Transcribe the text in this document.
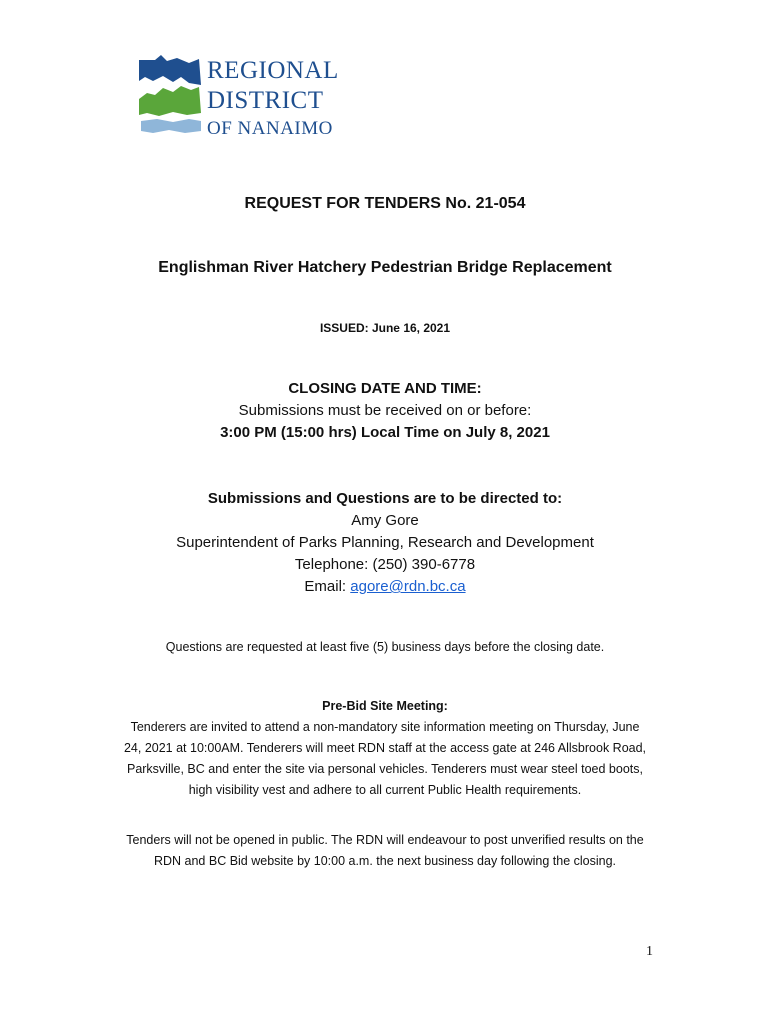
REGIONAL
DISTRICT
OF NANAIMO
REQUEST FOR TENDERS No. 21-054
Englishman River Hatchery Pedestrian Bridge Replacement
ISSUED: June 16, 2021
CLOSING DATE AND TIME:
Submissions must be received on or before:
3:00 PM (15:00 hrs) Local Time on July 8, 2021
Submissions and Questions are to be directed to:
Amy Gore
Superintendent of Parks Planning, Research and Development
Telephone: (250) 390-6778
Email: agore@rdn.bc.ca
Questions are requested at least five (5) business days before the closing date.
Pre-Bid Site Meeting:
Tenderers are invited to attend a non-mandatory site information meeting on Thursday, June
24, 2021 at 10:00AM. Tenderers will meet RDN staff at the access gate at 246 Allsbrook Road,
Parksville, BC and enter the site via personal vehicles. Tenderers must wear steel toed boots,
high visibility vest and adhere to all current Public Health requirements.
Tenders will not be opened in public. The RDN will endeavour to post unverified results on the
RDN and BC Bid website by 10:00 a.m. the next business day following the closing.
1
